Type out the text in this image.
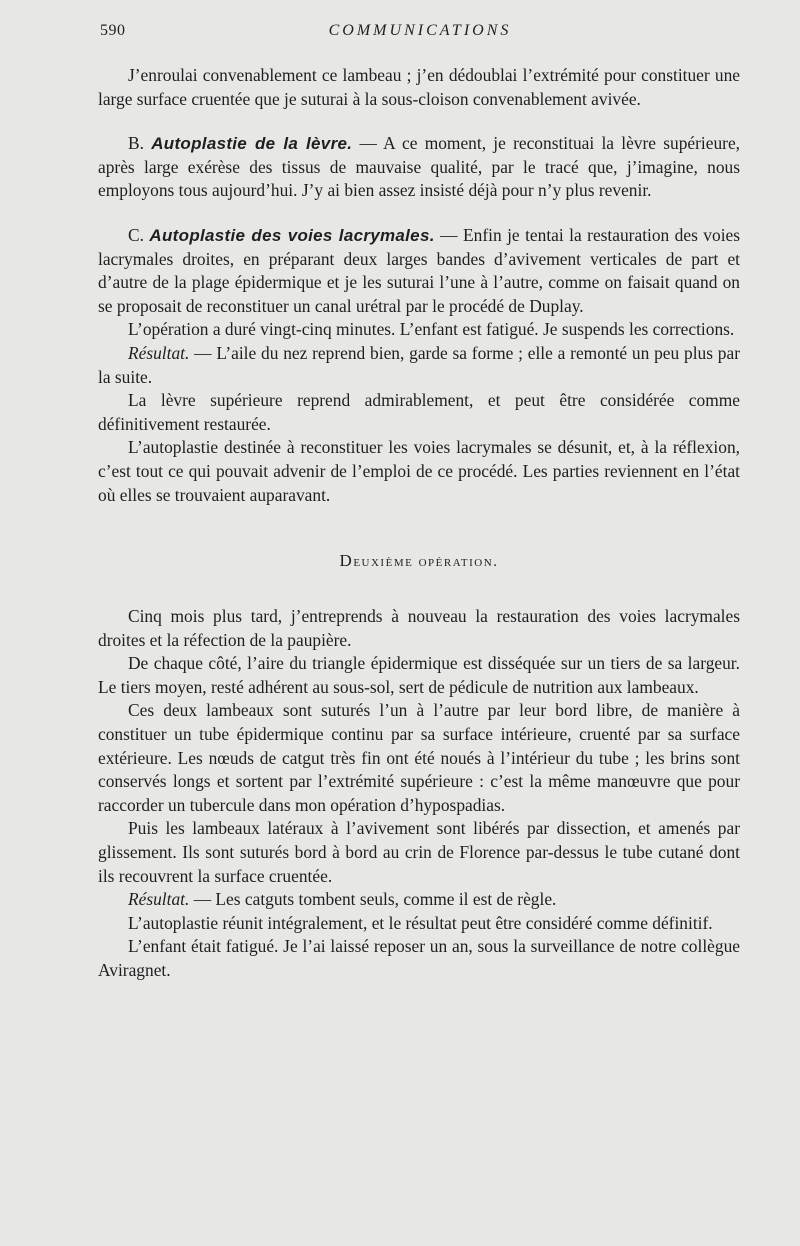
590	COMMUNICATIONS

J’enroulai convenablement ce lambeau ; j’en dédoublai l’extrémité pour constituer une large surface cruentée que je suturai à la sous-cloison convenablement avivée.

B. Autoplastie de la lèvre. — A ce moment, je reconstituai la lèvre supérieure, après large exérèse des tissus de mauvaise qualité, par le tracé que, j’imagine, nous employons tous aujourd’hui. J’y ai bien assez insisté déjà pour n’y plus revenir.

C. Autoplastie des voies lacrymales. — Enfin je tentai la restauration des voies lacrymales droites, en préparant deux larges bandes d’avivement verticales de part et d’autre de la plage épidermique et je les suturai l’une à l’autre, comme on faisait quand on se proposait de reconstituer un canal urétral par le procédé de Duplay.

L’opération a duré vingt-cinq minutes. L’enfant est fatigué. Je suspends les corrections.

Résultat. — L’aile du nez reprend bien, garde sa forme ; elle a remonté un peu plus par la suite.

La lèvre supérieure reprend admirablement, et peut être considérée comme définitivement restaurée.

L’autoplastie destinée à reconstituer les voies lacrymales se désunit, et, à la réflexion, c’est tout ce qui pouvait advenir de l’emploi de ce procédé. Les parties reviennent en l’état où elles se trouvaient auparavant.

Deuxième opération.

Cinq mois plus tard, j’entreprends à nouveau la restauration des voies lacrymales droites et la réfection de la paupière.

De chaque côté, l’aire du triangle épidermique est disséquée sur un tiers de sa largeur. Le tiers moyen, resté adhérent au sous-sol, sert de pédicule de nutrition aux lambeaux.

Ces deux lambeaux sont suturés l’un à l’autre par leur bord libre, de manière à constituer un tube épidermique continu par sa surface intérieure, cruenté par sa surface extérieure. Les nœuds de catgut très fin ont été noués à l’intérieur du tube ; les brins sont conservés longs et sortent par l’extrémité supérieure : c’est la même manœuvre que pour raccorder un tubercule dans mon opération d’hypospadias.

Puis les lambeaux latéraux à l’avivement sont libérés par dissection, et amenés par glissement. Ils sont suturés bord à bord au crin de Florence par-dessus le tube cutané dont ils recouvrent la surface cruentée.

Résultat. — Les catguts tombent seuls, comme il est de règle.

L’autoplastie réunit intégralement, et le résultat peut être considéré comme définitif.

L’enfant était fatigué. Je l’ai laissé reposer un an, sous la surveillance de notre collègue Aviragnet.
